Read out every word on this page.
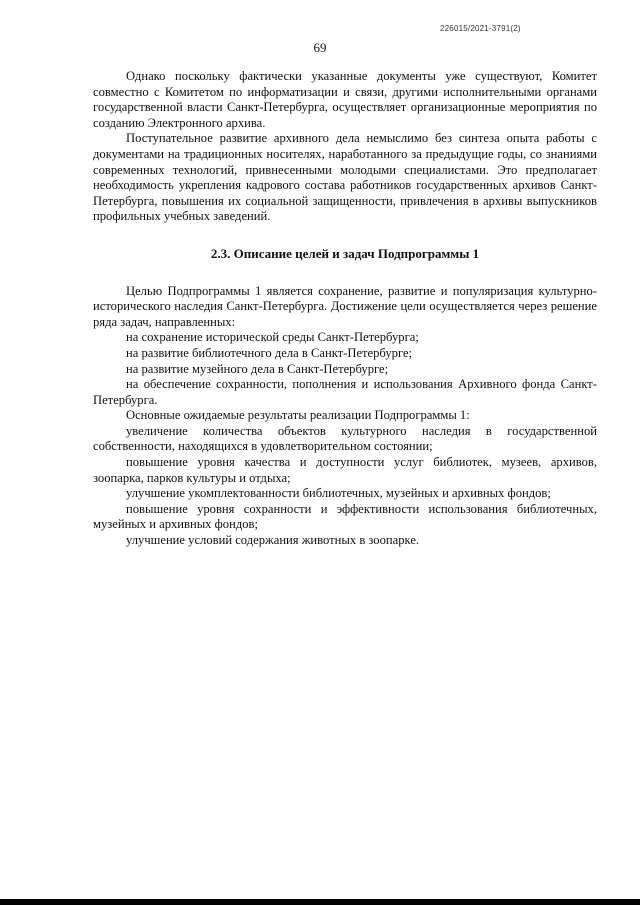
226015/2021-3791(2)
69

Однако поскольку фактически указанные документы уже существуют, Комитет совместно с Комитетом по информатизации и связи, другими исполнительными органами государственной власти Санкт-Петербурга, осуществляет организационные мероприятия по созданию Электронного архива.

Поступательное развитие архивного дела немыслимо без синтеза опыта работы с документами на традиционных носителях, наработанного за предыдущие годы, со знаниями современных технологий, привнесенными молодыми специалистами. Это предполагает необходимость укрепления кадрового состава работников государственных архивов Санкт-Петербурга, повышения их социальной защищенности, привлечения в архивы выпускников профильных учебных заведений.

2.3. Описание целей и задач Подпрограммы 1

Целью Подпрограммы 1 является сохранение, развитие и популяризация культурно-исторического наследия Санкт-Петербурга. Достижение цели осуществляется через решение ряда задач, направленных:

на сохранение исторической среды Санкт-Петербурга;

на развитие библиотечного дела в Санкт-Петербурге;

на развитие музейного дела в Санкт-Петербурге;

на обеспечение сохранности, пополнения и использования Архивного фонда Санкт-Петербурга.

Основные ожидаемые результаты реализации Подпрограммы 1:

увеличение количества объектов культурного наследия в государственной собственности, находящихся в удовлетворительном состоянии;

повышение уровня качества и доступности услуг библиотек, музеев, архивов, зоопарка, парков культуры и отдыха;

улучшение укомплектованности библиотечных, музейных и архивных фондов;

повышение уровня сохранности и эффективности использования библиотечных, музейных и архивных фондов;

улучшение условий содержания животных в зоопарке.
